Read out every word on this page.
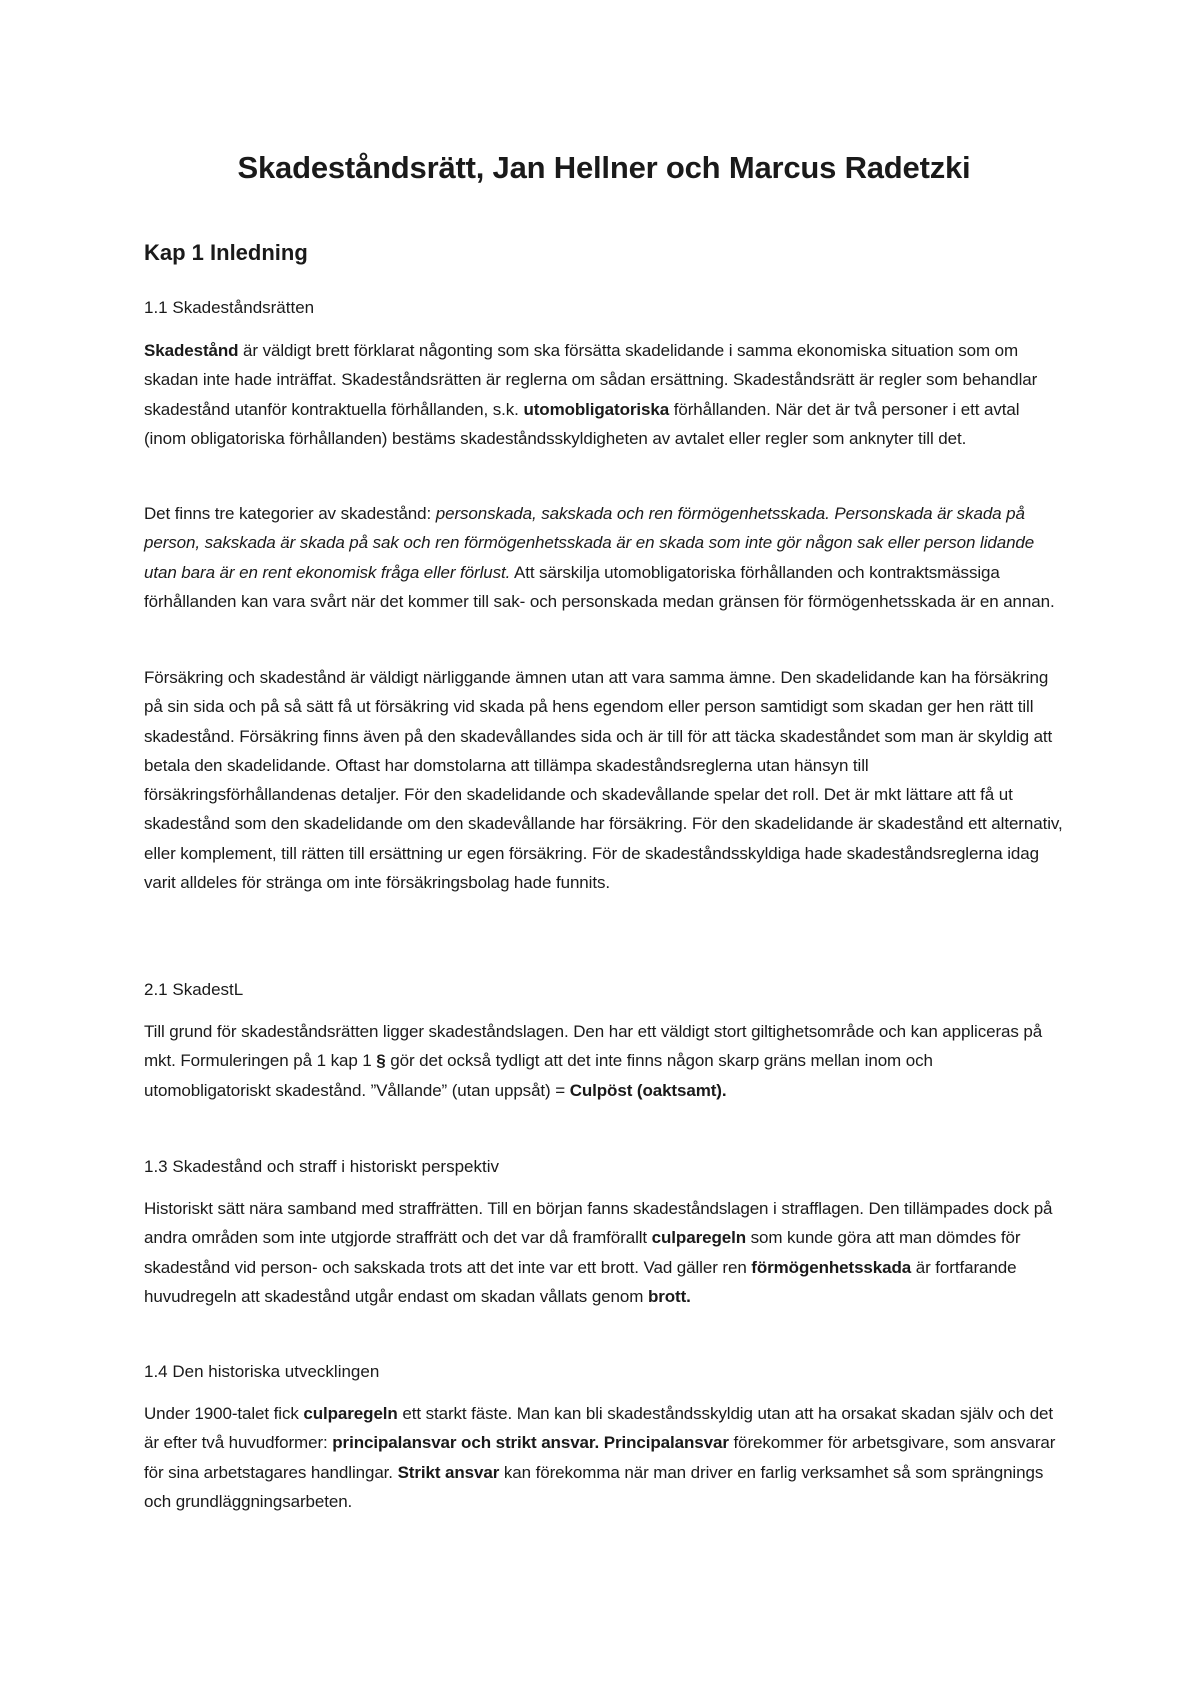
Skadeståndsrätt, Jan Hellner och Marcus Radetzki
Kap 1 Inledning
1.1 Skadeståndsrätten

Skadestånd är väldigt brett förklarat någonting som ska försätta skadelidande i samma ekonomiska situation som om skadan inte hade inträffat. Skadeståndsrätten är reglerna om sådan ersättning. Skadeståndsrätt är regler som behandlar skadestånd utanför kontraktuella förhållanden, s.k. utomobligatoriska förhållanden. När det är två personer i ett avtal (inom obligatoriska förhållanden) bestäms skadeståndsskyldigheten av avtalet eller regler som anknyter till det.

Det finns tre kategorier av skadestånd: personskada, sakskada och ren förmögenhetsskada. Personskada är skada på person, sakskada är skada på sak och ren förmögenhetsskada är en skada som inte gör någon sak eller person lidande utan bara är en rent ekonomisk fråga eller förlust. Att särskilja utomobligatoriska förhållanden och kontraktsmässiga förhållanden kan vara svårt när det kommer till sak- och personskada medan gränsen för förmögenhetsskada är en annan.

Försäkring och skadestånd är väldigt närliggande ämnen utan att vara samma ämne. Den skadelidande kan ha försäkring på sin sida och på så sätt få ut försäkring vid skada på hens egendom eller person samtidigt som skadan ger hen rätt till skadestånd. Försäkring finns även på den skadevållandes sida och är till för att täcka skadeståndet som man är skyldig att betala den skadelidande. Oftast har domstolarna att tillämpa skadeståndsreglerna utan hänsyn till försäkringsförhållandenas detaljer. För den skadelidande och skadevållande spelar det roll. Det är mkt lättare att få ut skadestånd som den skadelidande om den skadevållande har försäkring. För den skadelidande är skadestånd ett alternativ, eller komplement, till rätten till ersättning ur egen försäkring. För de skadeståndsskyldiga hade skadeståndsreglerna idag varit alldeles för stränga om inte försäkringsbolag hade funnits.

2.1 SkadestL

Till grund för skadeståndsrätten ligger skadeståndslagen. Den har ett väldigt stort giltighetsområde och kan appliceras på mkt. Formuleringen på 1 kap 1 § gör det också tydligt att det inte finns någon skarp gräns mellan inom och utomobligatoriskt skadestånd. ”Vållande” (utan uppsåt) = Culpöst (oaktsamt).

1.3 Skadestånd och straff i historiskt perspektiv

Historiskt sätt nära samband med straffrätten. Till en början fanns skadeståndslagen i strafflagen. Den tillämpades dock på andra områden som inte utgjorde straffrätt och det var då framförallt culparegeln som kunde göra att man dömdes för skadestånd vid person- och sakskada trots att det inte var ett brott. Vad gäller ren förmögenhetsskada är fortfarande huvudregeln att skadestånd utgår endast om skadan vållats genom brott.

1.4 Den historiska utvecklingen

Under 1900-talet fick culparegeln ett starkt fäste. Man kan bli skadeståndsskyldig utan att ha orsakat skadan själv och det är efter två huvudformer: principalansvar och strikt ansvar. Principalansvar förekommer för arbetsgivare, som ansvarar för sina arbetstagares handlingar. Strikt ansvar kan förekomma när man driver en farlig verksamhet så som sprängnings och grundläggningsarbeten.
